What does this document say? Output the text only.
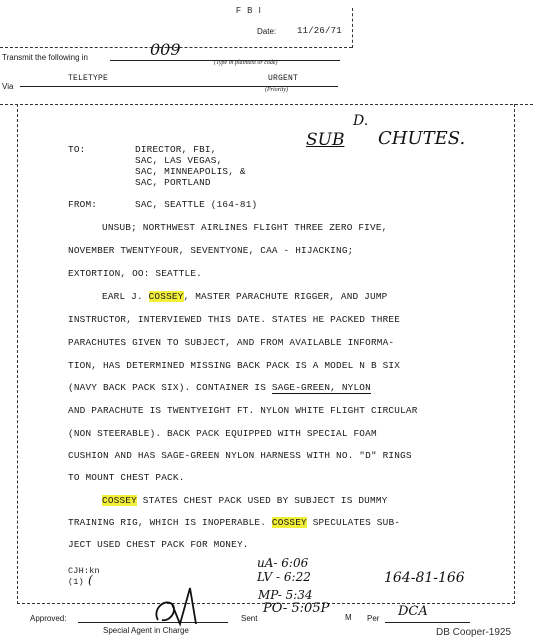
F B I
Date: 11/26/71
Transmit the following in	009
(Type in plaintext or code)
Via
TELETYPE	URGENT
(Priority)
SUB
D.
CHUTES.
TO:	DIRECTOR, FBI,
SAC, LAS VEGAS,
SAC, MINNEAPOLIS, &
SAC, PORTLAND
FROM:	SAC, SEATTLE (164-81)
UNSUB; NORTHWEST AIRLINES FLIGHT THREE ZERO FIVE,
NOVEMBER TWENTYFOUR, SEVENTYONE, CAA - HIJACKING;
EXTORTION, OO: SEATTLE.
EARL J. COSSEY, MASTER PARACHUTE RIGGER, AND JUMP
INSTRUCTOR, INTERVIEWED THIS DATE. STATES HE PACKED THREE
PARACHUTES GIVEN TO SUBJECT, AND FROM AVAILABLE INFORMA-
TION, HAS DETERMINED MISSING BACK PACK IS A MODEL N B SIX
(NAVY BACK PACK SIX). CONTAINER IS SAGE-GREEN, NYLON
AND PARACHUTE IS TWENTYEIGHT FT. NYLON WHITE FLIGHT CIRCULAR
(NON STEERABLE). BACK PACK EQUIPPED WITH SPECIAL FOAM
CUSHION AND HAS SAGE-GREEN NYLON HARNESS WITH NO. "D" RINGS
TO MOUNT CHEST PACK.
COSSEY STATES CHEST PACK USED BY SUBJECT IS DUMMY
TRAINING RIG, WHICH IS INOPERABLE. COSSEY SPECULATES SUB-
JECT USED CHEST PACK FOR MONEY.
CJH:kn
(1) (
uA- 6:06
LV - 6:22
MP- 5:34
PO- 5:05P
M
164-81-166
Approved:	Sent	Per DCA
Special Agent in Charge	DB Cooper-1925
